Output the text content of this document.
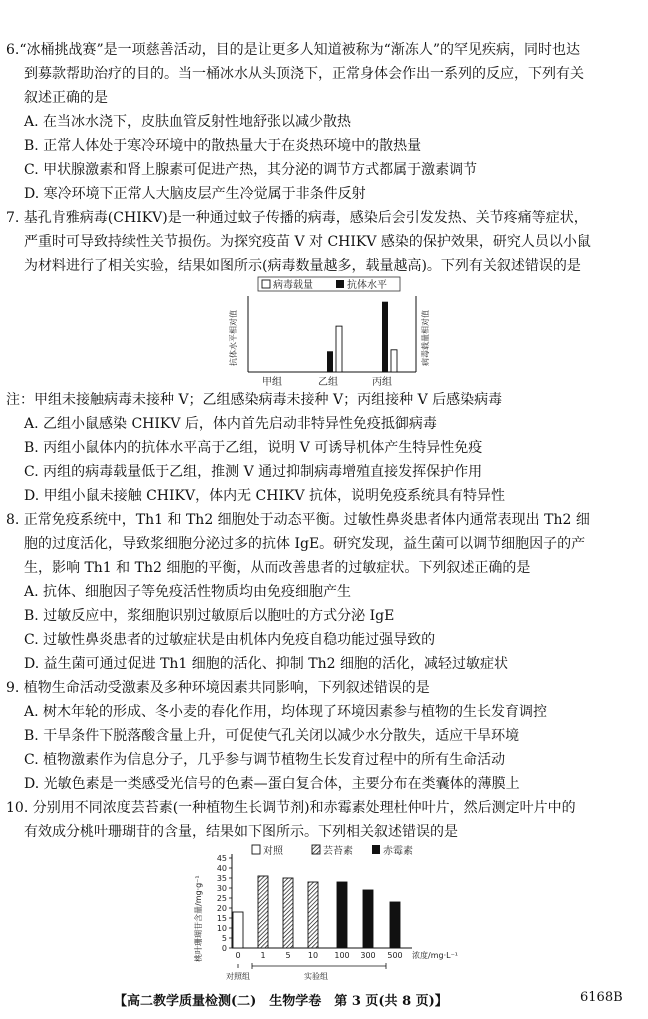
6.“冰桶挑战赛”是一项慈善活动，目的是让更多人知道被称为“渐冻人”的罕见疾病，同时也达
到募款帮助治疗的目的。当一桶冰水从头顶浇下，正常身体会作出一系列的反应，下列有关
叙述正确的是
A. 在当冰水浇下，皮肤血管反射性地舒张以减少散热
B. 正常人体处于寒冷环境中的散热量大于在炎热环境中的散热量
C. 甲状腺激素和肾上腺素可促进产热，其分泌的调节方式都属于激素调节
D. 寒冷环境下正常人大脑皮层产生冷觉属于非条件反射
7. 基孔肯雅病毒(CHIKV)是一种通过蚊子传播的病毒，感染后会引发发热、关节疼痛等症状，
严重时可导致持续性关节损伤。为探究疫苗 V 对 CHIKV 感染的保护效果，研究人员以小鼠
为材料进行了相关实验，结果如图所示(病毒数量越多，载量越高)。下列有关叙述错误的是
病毒载量	抗体水平
抗体水平相对值	病毒载量相对值
甲组	乙组	丙组
注：甲组未接触病毒未接种 V；乙组感染病毒未接种 V；丙组接种 V 后感染病毒
A. 乙组小鼠感染 CHIKV 后，体内首先启动非特异性免疫抵御病毒
B. 丙组小鼠体内的抗体水平高于乙组，说明 V 可诱导机体产生特异性免疫
C. 丙组的病毒载量低于乙组，推测 V 通过抑制病毒增殖直接发挥保护作用
D. 甲组小鼠未接触 CHIKV，体内无 CHIKV 抗体，说明免疫系统具有特异性
8. 正常免疫系统中，Th1 和 Th2 细胞处于动态平衡。过敏性鼻炎患者体内通常表现出 Th2 细
胞的过度活化，导致浆细胞分泌过多的抗体 IgE。研究发现，益生菌可以调节细胞因子的产
生，影响 Th1 和 Th2 细胞的平衡，从而改善患者的过敏症状。下列叙述正确的是
A. 抗体、细胞因子等免疫活性物质均由免疫细胞产生
B. 过敏反应中，浆细胞识别过敏原后以胞吐的方式分泌 IgE
C. 过敏性鼻炎患者的过敏症状是由机体内免疫自稳功能过强导致的
D. 益生菌可通过促进 Th1 细胞的活化、抑制 Th2 细胞的活化，减轻过敏症状
9. 植物生命活动受激素及多种环境因素共同影响，下列叙述错误的是
A. 树木年轮的形成、冬小麦的春化作用，均体现了环境因素参与植物的生长发育调控
B. 干旱条件下脱落酸含量上升，可促使气孔关闭以减少水分散失，适应干旱环境
C. 植物激素作为信息分子，几乎参与调节植物生长发育过程中的所有生命活动
D. 光敏色素是一类感受光信号的色素—蛋白复合体，主要分布在类囊体的薄膜上
10. 分别用不同浓度芸苔素(一种植物生长调节剂)和赤霉素处理杜仲叶片，然后测定叶片中的
有效成分桃叶珊瑚苷的含量，结果如下图所示。下列相关叙述错误的是
对照	芸苔素	赤霉素
桃叶珊瑚苷含量/mg·g⁻¹ 0
5
10
15
20
25
30
35
40
45
0 1 5 10 100 300 500 浓度/mg·L⁻¹
对照组	实验组
【高二教学质量检测(二)　生物学卷　第 3 页(共 8 页)】	6168B
